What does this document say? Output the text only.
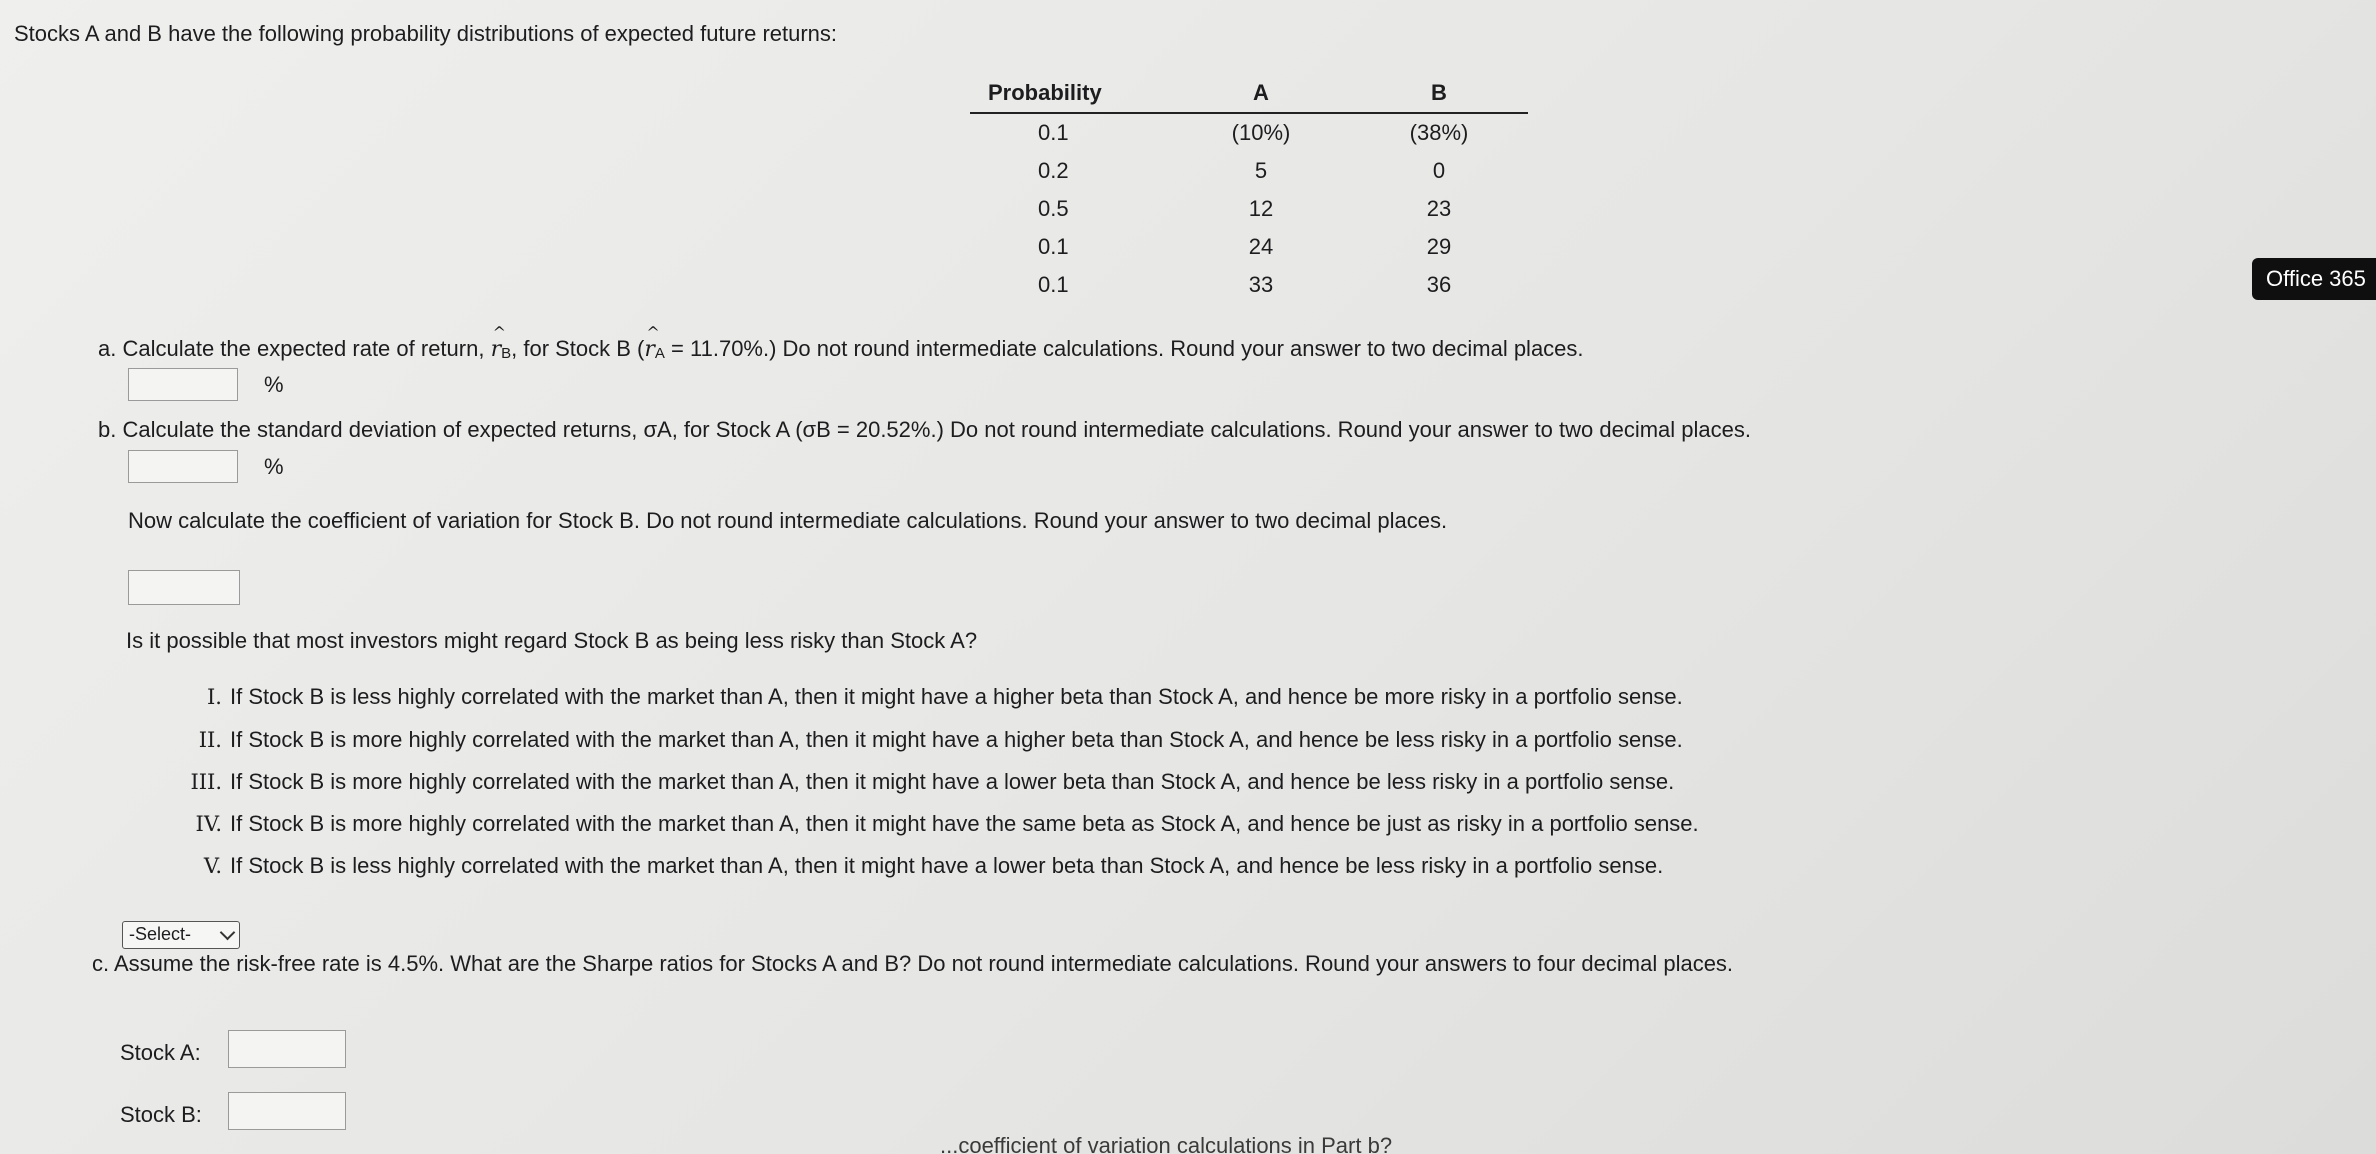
Stocks A and B have the following probability distributions of expected future returns:
Probability	A	B
0.1	(10%)	(38%)
0.2	5	0
0.5	12	23
0.1	24	29
0.1	33	36	Office 365
a. Calculate the expected rate of return, ^ rB, for Stock B (^ rA = 11.70%.) Do not round intermediate calculations. Round your answer to two decimal places.
%
b. Calculate the standard deviation of expected returns, σA, for Stock A (σB = 20.52%.) Do not round intermediate calculations. Round your answer to two decimal places.
%
Now calculate the coefficient of variation for Stock B. Do not round intermediate calculations. Round your answer to two decimal places.
Is it possible that most investors might regard Stock B as being less risky than Stock A?
I. If Stock B is less highly correlated with the market than A, then it might have a higher beta than Stock A, and hence be more risky in a portfolio sense.
II. If Stock B is more highly correlated with the market than A, then it might have a higher beta than Stock A, and hence be less risky in a portfolio sense.
III. If Stock B is more highly correlated with the market than A, then it might have a lower beta than Stock A, and hence be less risky in a portfolio sense.
IV. If Stock B is more highly correlated with the market than A, then it might have the same beta as Stock A, and hence be just as risky in a portfolio sense.
V. If Stock B is less highly correlated with the market than A, then it might have a lower beta than Stock A, and hence be less risky in a portfolio sense.
-Select-
c. Assume the risk-free rate is 4.5%. What are the Sharpe ratios for Stocks A and B? Do not round intermediate calculations. Round your answers to four decimal places.
Stock A:
Stock B:
...coefficient of variation calculations in Part b?
